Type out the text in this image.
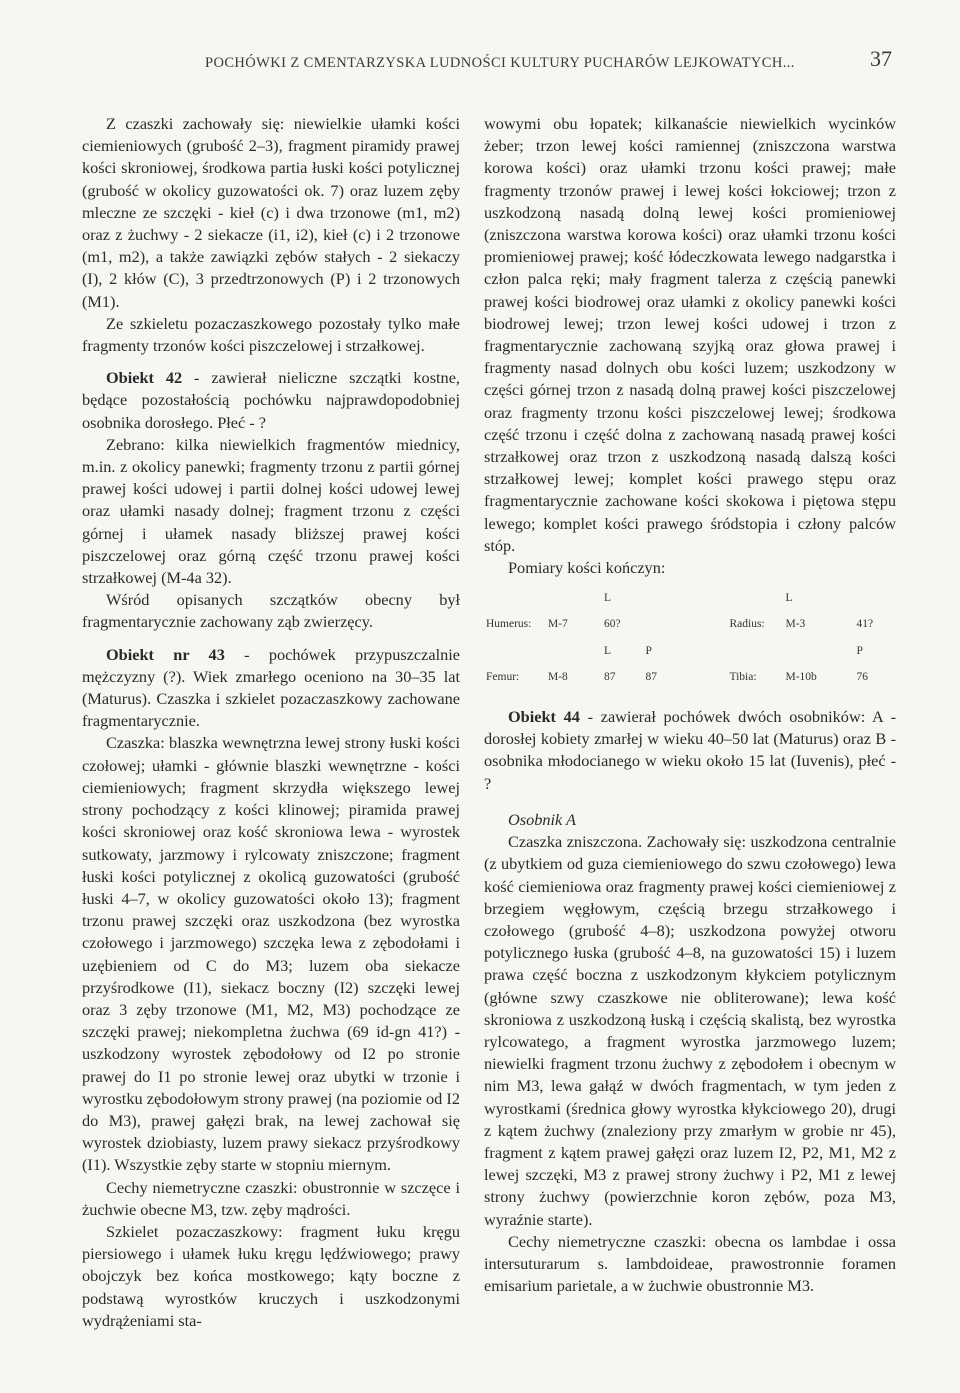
POCHÓWKI Z CMENTARZYSKA LUDNOŚCI KULTURY PUCHARÓW LEJKOWATYCH...	37

Z czaszki zachowały się: niewielkie ułamki kości ciemieniowych (grubość 2–3), fragment piramidy prawej kości skroniowej, środkowa partia łuski kości potylicznej (grubość w okolicy guzowatości ok. 7) oraz luzem zęby mleczne ze szczęki - kieł (c) i dwa trzonowe (m1, m2) oraz z żuchwy - 2 siekacze (i1, i2), kieł (c) i 2 trzonowe (m1, m2), a także zawiązki zębów stałych - 2 siekaczy (I), 2 kłów (C), 3 przedtrzonowych (P) i 2 trzonowych (M1).

Ze szkieletu pozaczaszkowego pozostały tylko małe fragmenty trzonów kości piszczelowej i strzałkowej.

Obiekt 42 - zawierał nieliczne szczątki kostne, będące pozostałością pochówku najprawdopodobniej osobnika dorosłego. Płeć - ?

Zebrano: kilka niewielkich fragmentów miednicy, m.in. z okolicy panewki; fragmenty trzonu z partii górnej prawej kości udowej i partii dolnej kości udowej lewej oraz ułamki nasady dolnej; fragment trzonu z części górnej i ułamek nasady bliższej prawej kości piszczelowej oraz górną część trzonu prawej kości strzałkowej (M-4a 32).

Wśród opisanych szczątków obecny był fragmentarycznie zachowany ząb zwierzęcy.

Obiekt nr 43 - pochówek przypuszczalnie mężczyzny (?). Wiek zmarłego oceniono na 30–35 lat (Maturus). Czaszka i szkielet pozaczaszkowy zachowane fragmentarycznie.

Czaszka: blaszka wewnętrzna lewej strony łuski kości czołowej; ułamki - głównie blaszki wewnętrzne - kości ciemieniowych; fragment skrzydła większego lewej strony pochodzący z kości klinowej; piramida prawej kości skroniowej oraz kość skroniowa lewa - wyrostek sutkowaty, jarzmowy i rylcowaty zniszczone; fragment łuski kości potylicznej z okolicą guzowatości (grubość łuski 4–7, w okolicy guzowatości około 13); fragment trzonu prawej szczęki oraz uszkodzona (bez wyrostka czołowego i jarzmowego) szczęka lewa z zębodołami i uzębieniem od C do M3; luzem oba siekacze przyśrodkowe (I1), siekacz boczny (I2) szczęki lewej oraz 3 zęby trzonowe (M1, M2, M3) pochodzące ze szczęki prawej; niekompletna żuchwa (69 id-gn 41?) - uszkodzony wyrostek zębodołowy od I2 po stronie prawej do I1 po stronie lewej oraz ubytki w trzonie i wyrostku zębodołowym strony prawej (na poziomie od I2 do M3), prawej gałęzi brak, na lewej zachował się wyrostek dziobiasty, luzem prawy siekacz przyśrodkowy (I1). Wszystkie zęby starte w stopniu miernym.

Cechy niemetryczne czaszki: obustronnie w szczęce i żuchwie obecne M3, tzw. zęby mądrości.

Szkielet pozaczaszkowy: fragment łuku kręgu piersiowego i ułamek łuku kręgu lędźwiowego; prawy obojczyk bez końca mostkowego; kąty boczne z podstawą wyrostków kruczych i uszkodzonymi wydrążeniami sta-

wowymi obu łopatek; kilkanaście niewielkich wycinków żeber; trzon lewej kości ramiennej (zniszczona warstwa korowa kości) oraz ułamki trzonu kości prawej; małe fragmenty trzonów prawej i lewej kości łokciowej; trzon z uszkodzoną nasadą dolną lewej kości promieniowej (zniszczona warstwa korowa kości) oraz ułamki trzonu kości promieniowej prawej; kość łódeczkowata lewego nadgarstka i człon palca ręki; mały fragment talerza z częścią panewki prawej kości biodrowej oraz ułamki z okolicy panewki kości biodrowej lewej; trzon lewej kości udowej i trzon z fragmentarycznie zachowaną szyjką oraz głowa prawej i fragmenty nasad dolnych obu kości luzem; uszkodzony w części górnej trzon z nasadą dolną prawej kości piszczelowej oraz fragmenty trzonu kości piszczelowej lewej; środkowa część trzonu i część dolna z zachowaną nasadą prawej kości strzałkowej oraz trzon z uszkodzoną nasadą dalszą kości strzałkowej lewej; komplet kości prawego stępu oraz fragmentarycznie zachowane kości skokowa i piętowa stępu lewego; komplet kości prawego śródstopia i człony palców stóp.

Pomiary kości kończyn:

		L			L	
Humerus:	M-7	60?		Radius:	M-3	41?
		L	P			P
Femur:	M-8	87	87	Tibia:	M-10b	76

Obiekt 44 - zawierał pochówek dwóch osobników: A - dorosłej kobiety zmarłej w wieku 40–50 lat (Maturus) oraz B - osobnika młodocianego w wieku około 15 lat (Iuvenis), płeć - ?

Osobnik A

Czaszka zniszczona. Zachowały się: uszkodzona centralnie (z ubytkiem od guza ciemieniowego do szwu czołowego) lewa kość ciemieniowa oraz fragmenty prawej kości ciemieniowej z brzegiem węgłowym, częścią brzegu strzałkowego i czołowego (grubość 4–8); uszkodzona powyżej otworu potylicznego łuska (grubość 4–8, na guzowatości 15) i luzem prawa część boczna z uszkodzonym kłykciem potylicznym (główne szwy czaszkowe nie obliterowane); lewa kość skroniowa z uszkodzoną łuską i częścią skalistą, bez wyrostka rylcowatego, a fragment wyrostka jarzmowego luzem; niewielki fragment trzonu żuchwy z zębodołem i obecnym w nim M3, lewa gałąź w dwóch fragmentach, w tym jeden z wyrostkami (średnica głowy wyrostka kłykciowego 20), drugi z kątem żuchwy (znaleziony przy zmarłym w grobie nr 45), fragment z kątem prawej gałęzi oraz luzem I2, P2, M1, M2 z lewej szczęki, M3 z prawej strony żuchwy i P2, M1 z lewej strony żuchwy (powierzchnie koron zębów, poza M3, wyraźnie starte).

Cechy niemetryczne czaszki: obecna os lambdae i ossa intersuturarum s. lambdoideae, prawostronnie foramen emisarium parietale, a w żuchwie obustronnie M3.
